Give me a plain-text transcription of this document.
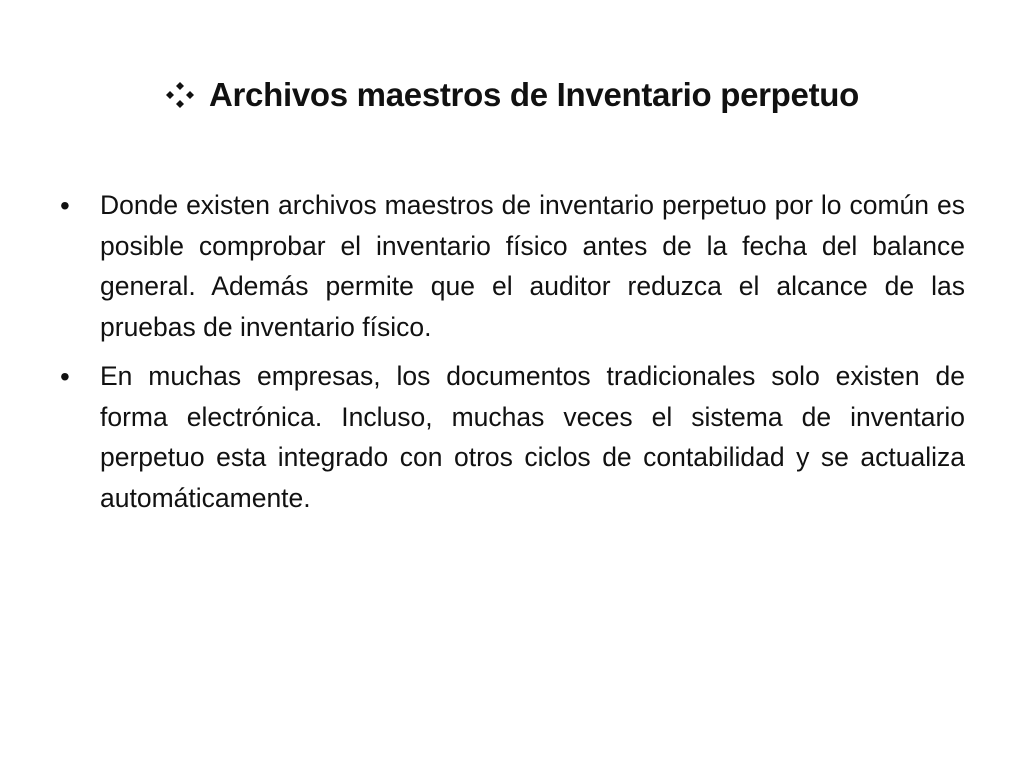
Archivos maestros de Inventario perpetuo
•	Donde existen archivos maestros de inventario perpetuo por lo común es posible comprobar el inventario físico antes de la fecha del balance general. Además permite que el auditor reduzca el alcance de las pruebas de inventario físico.
•	En muchas empresas, los documentos tradicionales solo existen de forma electrónica. Incluso, muchas veces el sistema de inventario perpetuo esta integrado con otros ciclos de contabilidad y se actualiza automáticamente.
